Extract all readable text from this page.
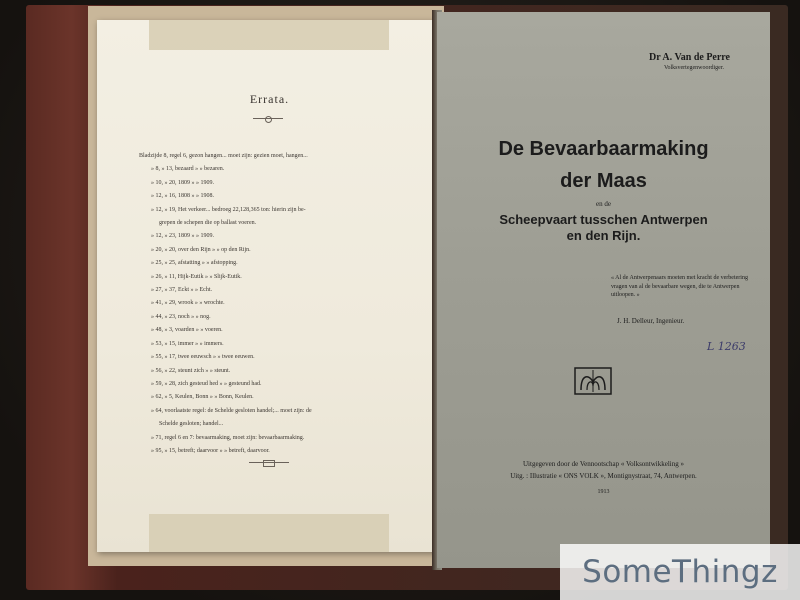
Errata.
Bladzijde 8, regel 6, gezon hangen... moet zijn: gezien moet, hangen...
» 8, » 13, bezaard » » bezaren.
» 10, » 20, 1809 » » 1909.
» 12, » 16, 1808 » » 1908.
» 12, » 19, Het verkeer... bedroeg 22,128,365 ton: hierin zijn be-
grepen de schepen die op ballast voeren.
» 12, » 23, 1809 » » 1909.
» 20, » 20, over den Rijn » » op den Rijn.
» 25, » 25, afstatting » » afstopping.
» 26, » 11, Hijk-Eutik » » Slijk-Eutik.
» 27, » 37, Eckt » » Echt.
» 41, » 29, wrook » » wrochte.
» 44, » 23, noch » » nog.
» 48, » 3, voarden » » voeren.
» 53, » 15, immer » » immers.
» 55, » 17, twee eeuwsch » » twee eeuwen.
» 56, » 22, steunt zich » » steunt.
» 59, » 28, zich gesteud hed » » gesteund had.
» 62, » 5, Keulen, Bonn » » Bonn, Keulen.
» 64, voorlaatste regel: de Schelde gesloten handel;... moet zijn: de
Schelde gesloten; handel...
» 71, regel 6 en 7: bevaarmaking, moet zijn: bevaarbaarmaking.
» 95, » 15, betreft; daarvoor » » betreft, daarvoor.
Dr A. Van de Perre
Volksvertegenwoordiger.
De Bevaarbaarmaking
der Maas
en de
Scheepvaart tusschen Antwerpen
en den Rijn.
« Al de Antwerpenaars moeten met kracht de verbetering vragen van al de bevaarbare wegen, die te Antwerpen uitloopen. »
J. H. Delleur, Ingenieur.
L 1263
Uitgegeven door de Vennootschap « Volksontwikkeling »
Uitg. : Illustratie « ONS VOLK », Montignystraat, 74, Antwerpen.
1913
SomeThingz
